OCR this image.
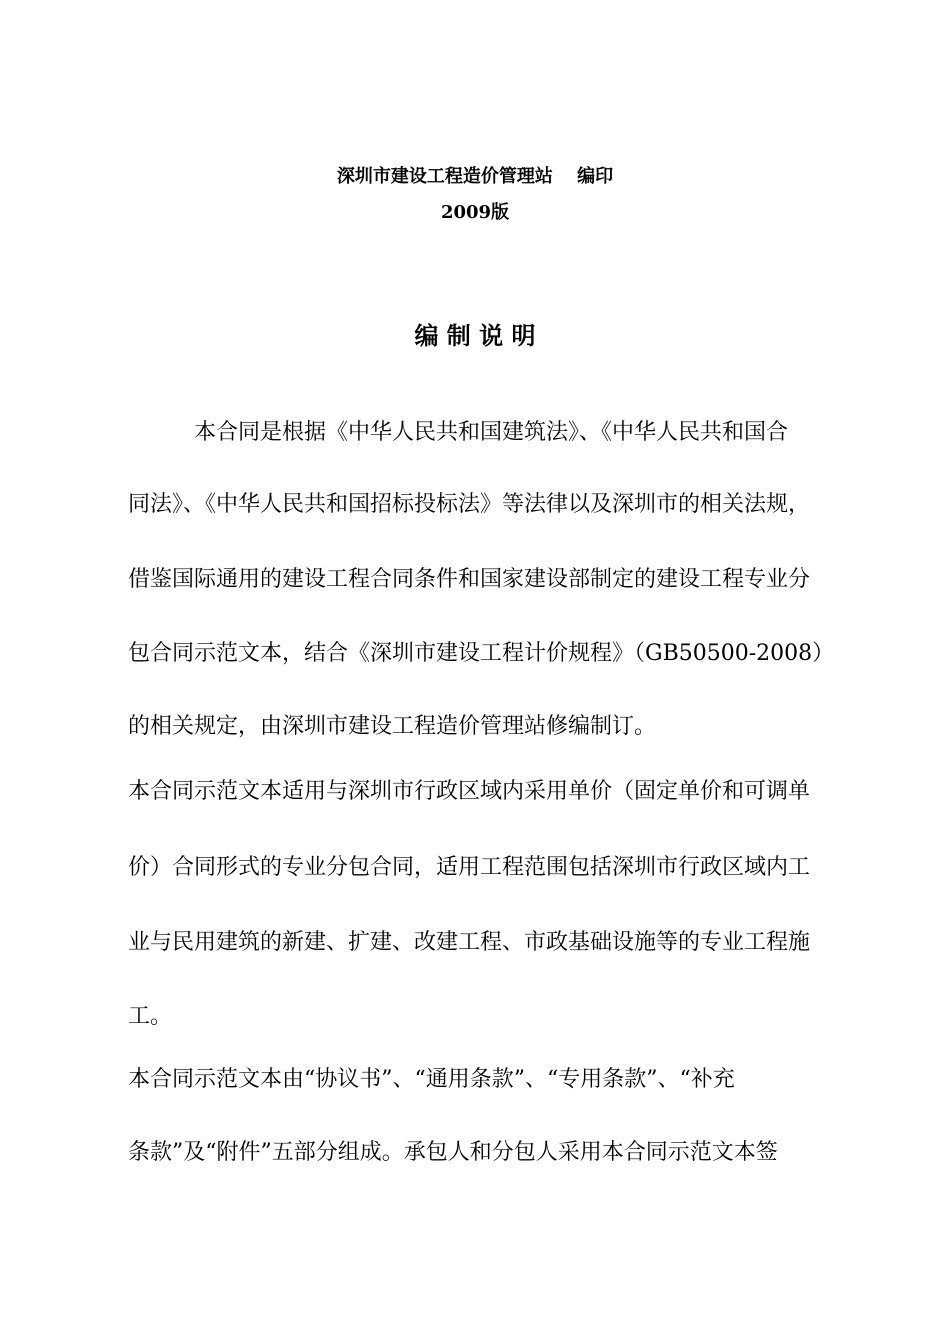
深圳市建设工程造价管理站　 编印
2009版
编 制 说 明
　　　本合同是根据《中华人民共和国建筑法》、《中华人民共和国合
同法》、《中华人民共和国招标投标法》等法律以及深圳市的相关法规，
借鉴国际通用的建设工程合同条件和国家建设部制定的建设工程专业分
包合同示范文本，结合《深圳市建设工程计价规程》（GB50500-2008）
的相关规定，由深圳市建设工程造价管理站修编制订。
本合同示范文本适用与深圳市行政区域内采用单价（固定单价和可调单
价）合同形式的专业分包合同，适用工程范围包括深圳市行政区域内工
业与民用建筑的新建、扩建、改建工程、市政基础设施等的专业工程施
工。
本合同示范文本由“协议书”、“通用条款”、“专用条款”、“补充
条款”及“附件”五部分组成。承包人和分包人采用本合同示范文本签
